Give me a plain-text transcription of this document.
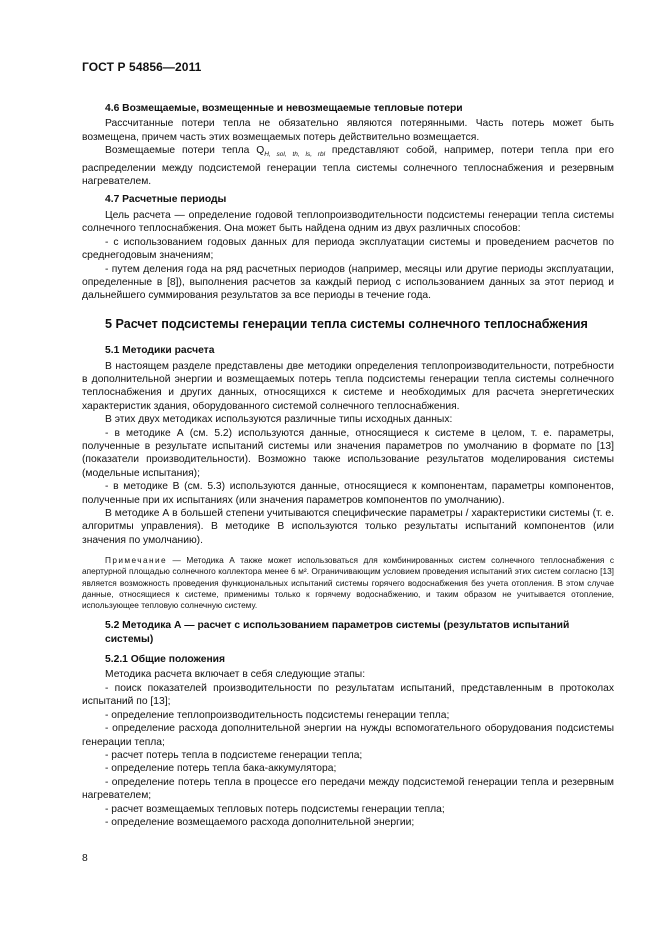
ГОСТ Р 54856—2011
4.6 Возмещаемые, возмещенные и невозмещаемые тепловые потери

Рассчитанные потери тепла не обязательно являются потерянными. Часть потерь может быть возмещена, причем часть этих возмещаемых потерь действительно возмещается.

Возмещаемые потери тепла $Q_{H, sol, th, ls, rbl}$ представляют собой, например, потери тепла при его распределении между подсистемой генерации тепла системы солнечного теплоснабжения и резервным нагревателем.

4.7 Расчетные периоды

Цель расчета — определение годовой теплопроизводительности подсистемы генерации тепла системы солнечного теплоснабжения. Она может быть найдена одним из двух различных способов:

- с использованием годовых данных для периода эксплуатации системы и проведением расчетов по среднегодовым значениям;

- путем деления года на ряд расчетных периодов (например, месяцы или другие периоды эксплуатации, определенные в [8]), выполнения расчетов за каждый период с использованием данных за этот период и дальнейшего суммирования результатов за все периоды в течение года.

5 Расчет подсистемы генерации тепла системы солнечного теплоснабжения
5.1 Методики расчета

В настоящем разделе представлены две методики определения теплопроизводительности, потребности в дополнительной энергии и возмещаемых потерь тепла подсистемы генерации тепла системы солнечного теплоснабжения и других данных, относящихся к системе и необходимых для расчета энергетических характеристик здания, оборудованного системой солнечного теплоснабжения.

В этих двух методиках используются различные типы исходных данных:

- в методике А (см. 5.2) используются данные, относящиеся к системе в целом, т. е. параметры, полученные в результате испытаний системы или значения параметров по умолчанию в формате по [13] (показатели производительности). Возможно также использование результатов моделирования системы (модельные испытания);

- в методике В (см. 5.3) используются данные, относящиеся к компонентам, параметры компонентов, полученные при их испытаниях (или значения параметров компонентов по умолчанию).

В методике А в большей степени учитываются специфические параметры / характеристики системы (т. е. алгоритмы управления). В методике В используются только результаты испытаний компонентов (или значения по умолчанию).

Примечание — Методика А также может использоваться для комбинированных систем солнечного теплоснабжения с апертурной площадью солнечного коллектора менее 6 м². Ограничивающим условием проведения испытаний этих систем согласно [13] является возможность проведения функциональных испытаний системы горячего водоснабжения без учета отопления. В этом случае данные, относящиеся к системе, применимы только к горячему водоснабжению, и таким образом не учитывается отопление, использующее тепловую солнечную систему.

5.2 Методика А — расчет с использованием параметров системы (результатов испытаний системы)
5.2.1 Общие положения

Методика расчета включает в себя следующие этапы:

- поиск показателей производительности по результатам испытаний, представленным в протоколах испытаний по [13];

- определение теплопроизводительность подсистемы генерации тепла;

- определение расхода дополнительной энергии на нужды вспомогательного оборудования подсистемы генерации тепла;

- расчет потерь тепла в подсистеме генерации тепла;

- определение потерь тепла бака-аккумулятора;

- определение потерь тепла в процессе его передачи между подсистемой генерации тепла и резервным нагревателем;

- расчет возмещаемых тепловых потерь подсистемы генерации тепла;

- определение возмещаемого расхода дополнительной энергии;

8
